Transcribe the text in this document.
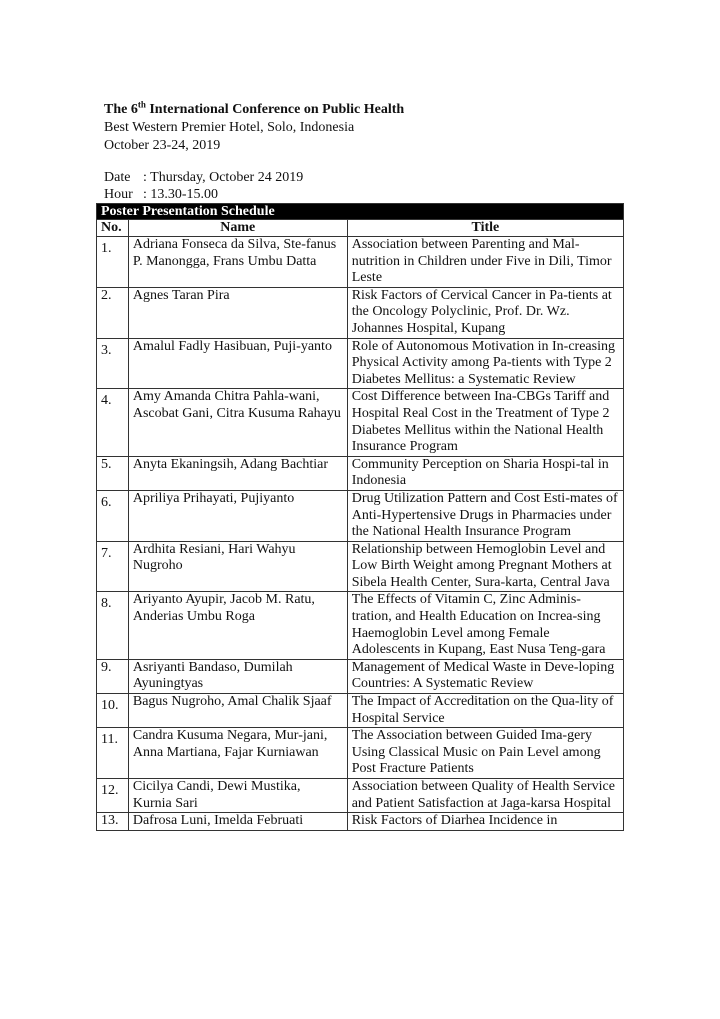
The 6th International Conference on Public Health
Best Western Premier Hotel, Solo, Indonesia
October 23-24, 2019
Date : Thursday, October 24 2019
Hour : 13.30-15.00
Poster Presentation Schedule		
No.	Name	Title
1.	Adriana Fonseca da Silva, Ste-fanus P. Manongga, Frans Umbu Datta	Association between Parenting and Mal-nutrition in Children under Five in Dili, Timor Leste
2.	Agnes Taran Pira	Risk Factors of Cervical Cancer in Pa-tients at the Oncology Polyclinic, Prof. Dr. Wz. Johannes Hospital, Kupang
3.	Amalul Fadly Hasibuan, Puji-yanto	Role of Autonomous Motivation in In-creasing Physical Activity among Pa-tients with Type 2 Diabetes Mellitus: a Systematic Review
4.	Amy Amanda Chitra Pahla-wani, Ascobat Gani, Citra Kusuma Rahayu	Cost Difference between Ina-CBGs Tariff and Hospital Real Cost in the Treatment of Type 2 Diabetes Mellitus within the National Health Insurance Program
5.	Anyta Ekaningsih, Adang Bachtiar	Community Perception on Sharia Hospi-tal in Indonesia
6.	Apriliya Prihayati, Pujiyanto	Drug Utilization Pattern and Cost Esti-mates of Anti-Hypertensive Drugs in Pharmacies under the National Health Insurance Program
7.	Ardhita Resiani, Hari Wahyu Nugroho	Relationship between Hemoglobin Level and Low Birth Weight among Pregnant Mothers at Sibela Health Center, Sura-karta, Central Java
8.	Ariyanto Ayupir, Jacob M. Ratu, Anderias Umbu Roga	The Effects of Vitamin C, Zinc Adminis-tration, and Health Education on Increa-sing Haemoglobin Level among Female Adolescents in Kupang, East Nusa Teng-gara
9.	Asriyanti Bandaso, Dumilah Ayuningtyas	Management of Medical Waste in Deve-loping Countries: A Systematic Review
10.	Bagus Nugroho, Amal Chalik Sjaaf	The Impact of Accreditation on the Qua-lity of Hospital Service
11.	Candra Kusuma Negara, Mur-jani, Anna Martiana, Fajar Kurniawan	The Association between Guided Ima-gery Using Classical Music on Pain Level among Post Fracture Patients
12.	Cicilya Candi, Dewi Mustika, Kurnia Sari	Association between Quality of Health Service and Patient Satisfaction at Jaga-karsa Hospital
13.	Dafrosa Luni, Imelda Februati	Risk Factors of Diarhea Incidence in
